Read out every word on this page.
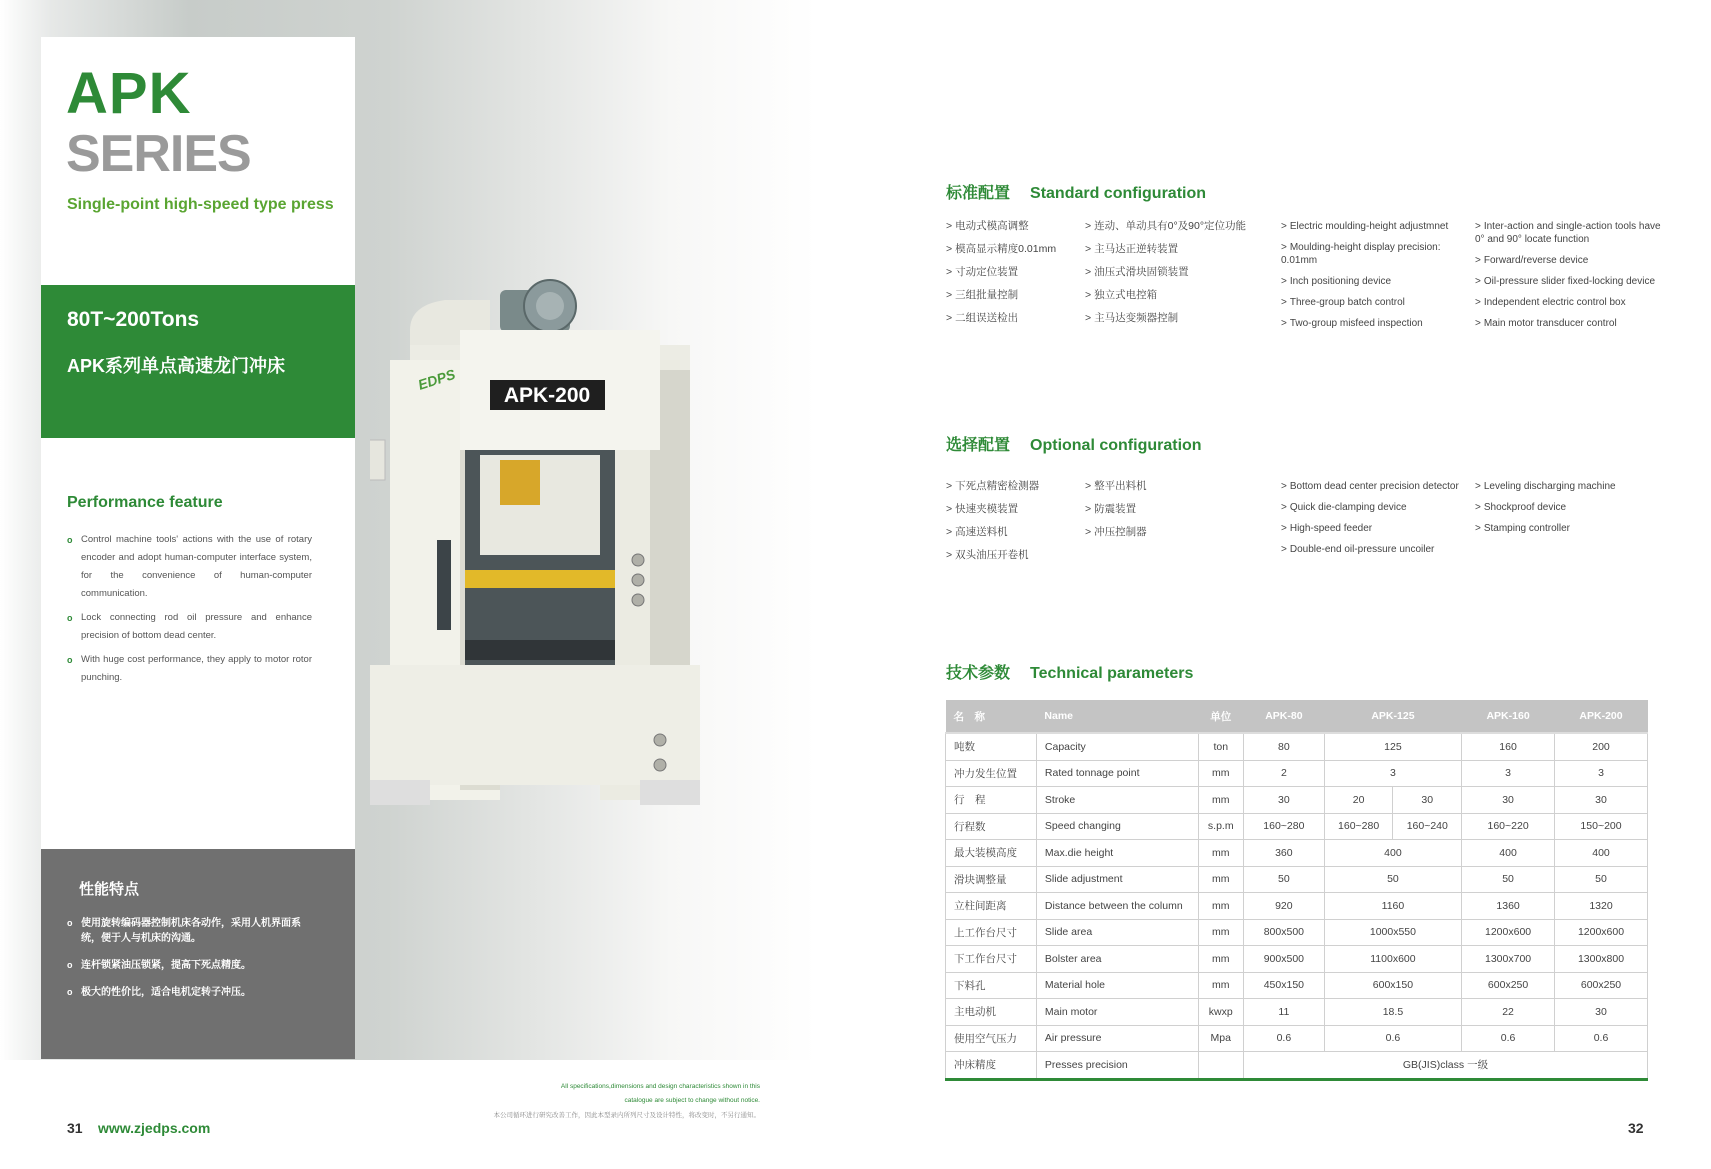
APK
SERIES
Single-point high-speed type press
80T~200Tons
APK系列单点高速龙门冲床
Performance feature
o Control machine tools' actions with the use of rotary encoder and adopt human-computer interface system, for the convenience of human-computer communication.
o Lock connecting rod oil pressure and enhance precision of bottom dead center.
o With huge cost performance, they apply to motor rotor punching.
性能特点
o 使用旋转编码器控制机床各动作，采用人机界面系统，便于人与机床的沟通。
o 连杆锁紧油压锁紧，提高下死点精度。
o 极大的性价比，适合电机定转子冲压。
APK-200
EDPS
All specifications,dimensions and design characteristics shown in this
catalogue are subject to change without notice.
本公司循环进行研究改善工作，因此本型录内所列尺寸及设计特性，将改变时，不另行通知。
31 www.zjedps.com	32
标准配置 Standard configuration
> 电动式模高调整
> 模高显示精度0.01mm
> 寸动定位装置
> 三组批量控制
> 二组误送检出
> 连动、单动具有0°及90°定位功能
> 主马达正逆转装置
> 油压式滑块固锁装置
> 独立式电控箱
> 主马达变频器控制
> Electric moulding-height adjustmnet
> Moulding-height display precision: 0.01mm
> Inch positioning device
> Three-group batch control
> Two-group misfeed inspection
> Inter-action and single-action tools have 0° and 90° locate function
> Forward/reverse device
> Oil-pressure slider fixed-locking device
> Independent electric control box
> Main motor transducer control
选择配置 Optional configuration
> 下死点精密检测器
> 快速夹模装置
> 高速送料机
> 双头油压开卷机
> 整平出料机
> 防震装置
> 冲压控制器
> Bottom dead center precision detector
> Quick die-clamping device
> High-speed feeder
> Double-end oil-pressure uncoiler
> Leveling discharging machine
> Shockproof device
> Stamping controller
技术参数 Technical parameters
名　称	Name	单位	APK-80	APK-125		APK-160	APK-200
吨数	Capacity	ton	80	125		160	200
冲力发生位置	Rated tonnage point	mm	2	3		3	3
行　程	Stroke	mm	30	20	30	30	30
行程数	Speed changing	s.p.m	160~280	160~280	160~240	160~220	150~200
最大装模高度	Max.die height	mm	360	400		400	400
滑块调整量	Slide adjustment	mm	50	50		50	50
立柱间距离	Distance between the column	mm	920	1160		1360	1320
上工作台尺寸	Slide area	mm	800x500	1000x550		1200x600	1200x600
下工作台尺寸	Bolster area	mm	900x500	1100x600		1300x700	1300x800
下料孔	Material hole	mm	450x150	600x150		600x250	600x250
主电动机	Main motor	kwxp	11	18.5		22	30
使用空气压力	Air pressure	Mpa	0.6	0.6		0.6	0.6
冲床精度	Presses precision		GB(JIS)class 一级				
